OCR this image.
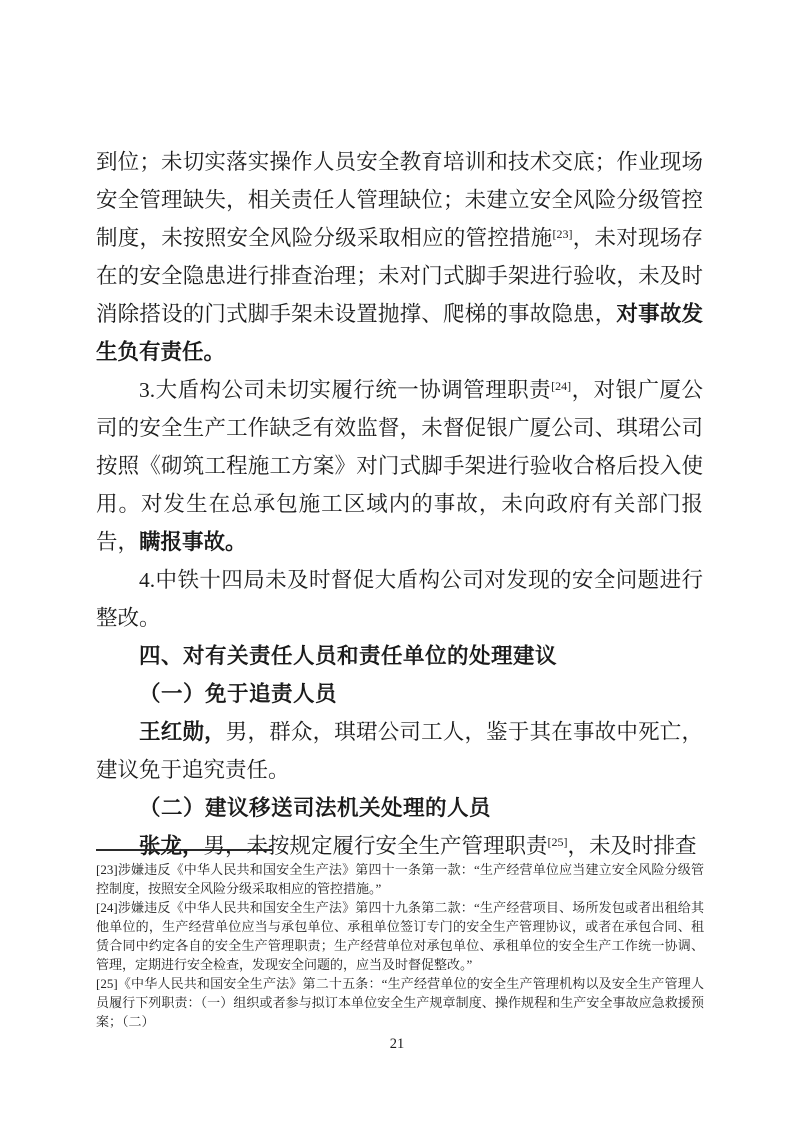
到位；未切实落实操作人员安全教育培训和技术交底；作业现场安全管理缺失，相关责任人管理缺位；未建立安全风险分级管控制度，未按照安全风险分级采取相应的管控措施[23]，未对现场存在的安全隐患进行排查治理；未对门式脚手架进行验收，未及时消除搭设的门式脚手架未设置抛撑、爬梯的事故隐患，对事故发生负有责任。

3.大盾构公司未切实履行统一协调管理职责[24]，对银广厦公司的安全生产工作缺乏有效监督，未督促银广厦公司、琪珺公司按照《砌筑工程施工方案》对门式脚手架进行验收合格后投入使用。对发生在总承包施工区域内的事故，未向政府有关部门报告，瞒报事故。

4.中铁十四局未及时督促大盾构公司对发现的安全问题进行整改。

四、对有关责任人员和责任单位的处理建议

（一）免于追责人员

王红勋，男，群众，琪珺公司工人，鉴于其在事故中死亡，建议免于追究责任。

（二）建议移送司法机关处理的人员

张龙，男，未按规定履行安全生产管理职责[25]，未及时排查

[23]涉嫌违反《中华人民共和国安全生产法》第四十一条第一款：“生产经营单位应当建立安全风险分级管控制度，按照安全风险分级采取相应的管控措施。”

[24]涉嫌违反《中华人民共和国安全生产法》第四十九条第二款：“生产经营项目、场所发包或者出租给其他单位的，生产经营单位应当与承包单位、承租单位签订专门的安全生产管理协议，或者在承包合同、租赁合同中约定各自的安全生产管理职责；生产经营单位对承包单位、承租单位的安全生产工作统一协调、管理，定期进行安全检查，发现安全问题的，应当及时督促整改。”

[25]《中华人民共和国安全生产法》第二十五条：“生产经营单位的安全生产管理机构以及安全生产管理人员履行下列职责：（一）组织或者参与拟订本单位安全生产规章制度、操作规程和生产安全事故应急救援预案；（二）

21
